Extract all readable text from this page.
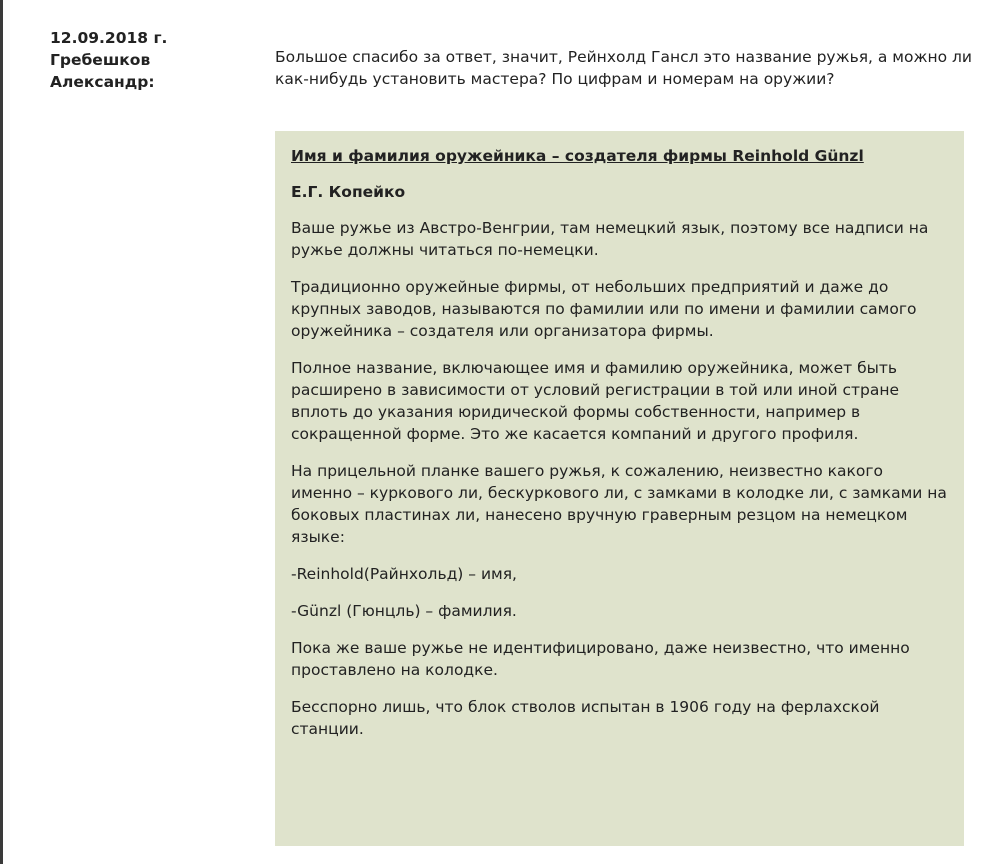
12.09.2018 г.
Гребешков
Александр:
Большое спасибо за ответ, значит, Рейнхолд Гансл это название ружья, а можно ли как-нибудь установить мастера? По цифрам и номерам на оружии?
Имя и фамилия оружейника – создателя фирмы Reinhold Günzl
Е.Г. Копейко

Ваше ружье из Австро-Венгрии, там немецкий язык, поэтому все надписи на ружье должны читаться по-немецки.

Традиционно оружейные фирмы, от небольших предприятий и даже до крупных заводов, называются по фамилии или по имени и фамилии самого оружейника – создателя или организатора фирмы.

Полное название, включающее имя и фамилию оружейника, может быть расширено в зависимости от условий регистрации в той или иной стране вплоть до указания юридической формы собственности, например в сокращенной форме. Это же касается компаний и другого профиля.

На прицельной планке вашего ружья, к сожалению, неизвестно какого именно – куркового ли, бескуркового ли, с замками в колодке ли, с замками на боковых пластинах ли, нанесено вручную граверным резцом на немецком языке:

-Reinhold(Райнхольд) – имя,

-Günzl (Гюнцль) – фамилия.

Пока же ваше ружье не идентифицировано, даже неизвестно, что именно проставлено на колодке.

Бесспорно лишь, что блок стволов испытан в 1906 году на ферлахской станции.
